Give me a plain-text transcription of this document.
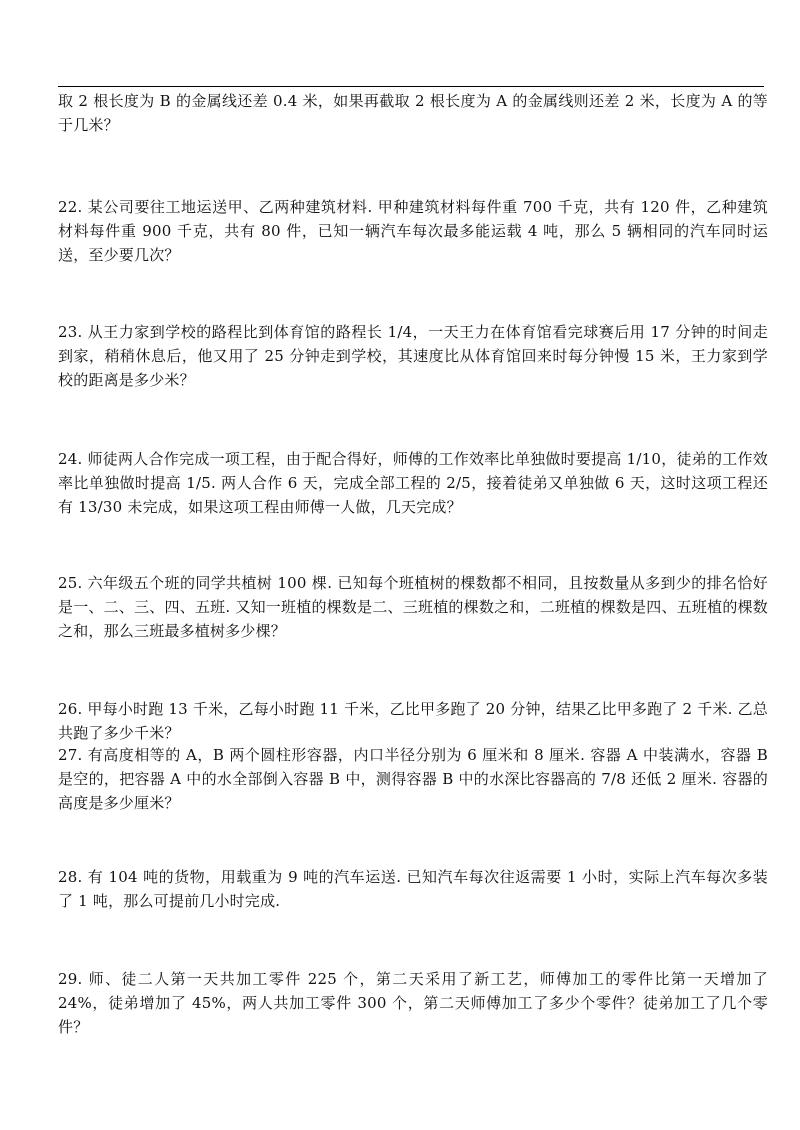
取 2 根长度为 B 的金属线还差 0.4 米，如果再截取 2 根长度为 A 的金属线则还差 2 米，长度为 A 的等于几米？

22. 某公司要往工地运送甲、乙两种建筑材料. 甲种建筑材料每件重 700 千克，共有 120 件，乙种建筑材料每件重 900 千克，共有 80 件，已知一辆汽车每次最多能运载 4 吨，那么 5 辆相同的汽车同时运送，至少要几次？

23. 从王力家到学校的路程比到体育馆的路程长 1/4，一天王力在体育馆看完球赛后用 17 分钟的时间走到家，稍稍休息后，他又用了 25 分钟走到学校，其速度比从体育馆回来时每分钟慢 15 米，王力家到学校的距离是多少米？

24. 师徒两人合作完成一项工程，由于配合得好，师傅的工作效率比单独做时要提高 1/10，徒弟的工作效率比单独做时提高 1/5. 两人合作 6 天，完成全部工程的 2/5，接着徒弟又单独做 6 天，这时这项工程还有 13/30 未完成，如果这项工程由师傅一人做，几天完成？

25. 六年级五个班的同学共植树 100 棵. 已知每个班植树的棵数都不相同，且按数量从多到少的排名恰好是一、二、三、四、五班. 又知一班植的棵数是二、三班植的棵数之和，二班植的棵数是四、五班植的棵数之和，那么三班最多植树多少棵？

26. 甲每小时跑 13 千米，乙每小时跑 11 千米，乙比甲多跑了 20 分钟，结果乙比甲多跑了 2 千米. 乙总共跑了多少千米？

27. 有高度相等的 A，B 两个圆柱形容器，内口半径分别为 6 厘米和 8 厘米. 容器 A 中装满水，容器 B 是空的，把容器 A 中的水全部倒入容器 B 中，测得容器 B 中的水深比容器高的 7/8 还低 2 厘米. 容器的高度是多少厘米？

28. 有 104 吨的货物，用载重为 9 吨的汽车运送. 已知汽车每次往返需要 1 小时，实际上汽车每次多装了 1 吨，那么可提前几小时完成.

29. 师、徒二人第一天共加工零件 225 个，第二天采用了新工艺，师傅加工的零件比第一天增加了 24%，徒弟增加了 45%，两人共加工零件 300 个，第二天师傅加工了多少个零件？徒弟加工了几个零件？
